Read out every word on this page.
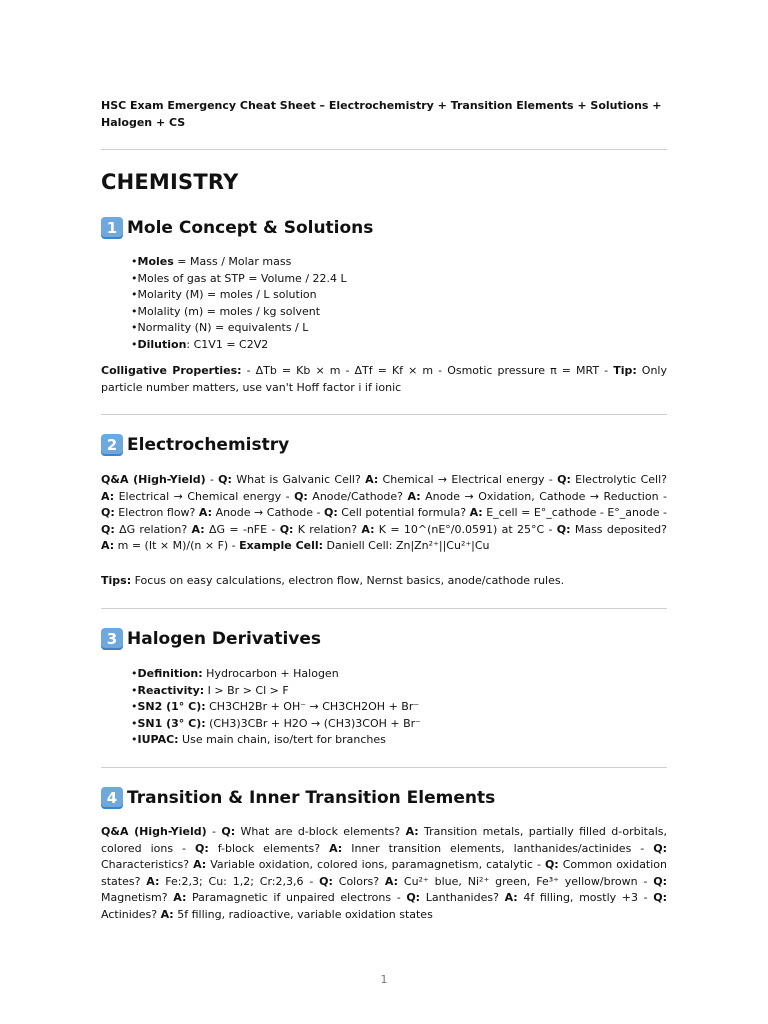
HSC Exam Emergency Cheat Sheet – Electrochemistry + Transition Elements + Solutions + Halogen + CS
CHEMISTRY
1 Mole Concept & Solutions
• Moles = Mass / Molar mass
• Moles of gas at STP = Volume / 22.4 L
• Molarity (M) = moles / L solution
• Molality (m) = moles / kg solvent
• Normality (N) = equivalents / L
• Dilution: C1V1 = C2V2

Colligative Properties: - ΔTb = Kb × m - ΔTf = Kf × m - Osmotic pressure π = MRT - Tip: Only particle number matters, use van't Hoff factor i if ionic

2 Electrochemistry

Q&A (High-Yield) - Q: What is Galvanic Cell? A: Chemical → Electrical energy - Q: Electrolytic Cell? A: Electrical → Chemical energy - Q: Anode/Cathode? A: Anode → Oxidation, Cathode → Reduction - Q: Electron flow? A: Anode → Cathode - Q: Cell potential formula? A: E_cell = E°_cathode - E°_anode - Q: ΔG relation? A: ΔG = -nFE - Q: K relation? A: K = 10^(nE°/0.0591) at 25°C - Q: Mass deposited? A: m = (It × M)/(n × F) - Example Cell: Daniell Cell: Zn|Zn²⁺||Cu²⁺|Cu

Tips: Focus on easy calculations, electron flow, Nernst basics, anode/cathode rules.

3 Halogen Derivatives
• Definition: Hydrocarbon + Halogen
• Reactivity: I > Br > Cl > F
• SN2 (1° C): CH3CH2Br + OH⁻ → CH3CH2OH + Br⁻
• SN1 (3° C): (CH3)3CBr + H2O → (CH3)3COH + Br⁻
• IUPAC: Use main chain, iso/tert for branches
4 Transition & Inner Transition Elements

Q&A (High-Yield) - Q: What are d-block elements? A: Transition metals, partially filled d-orbitals, colored ions - Q: f-block elements? A: Inner transition elements, lanthanides/actinides - Q: Characteristics? A: Variable oxidation, colored ions, paramagnetism, catalytic - Q: Common oxidation states? A: Fe:2,3; Cu: 1,2; Cr:2,3,6 - Q: Colors? A: Cu²⁺ blue, Ni²⁺ green, Fe³⁺ yellow/brown - Q: Magnetism? A: Paramagnetic if unpaired electrons - Q: Lanthanides? A: 4f filling, mostly +3 - Q: Actinides? A: 5f filling, radioactive, variable oxidation states

1
